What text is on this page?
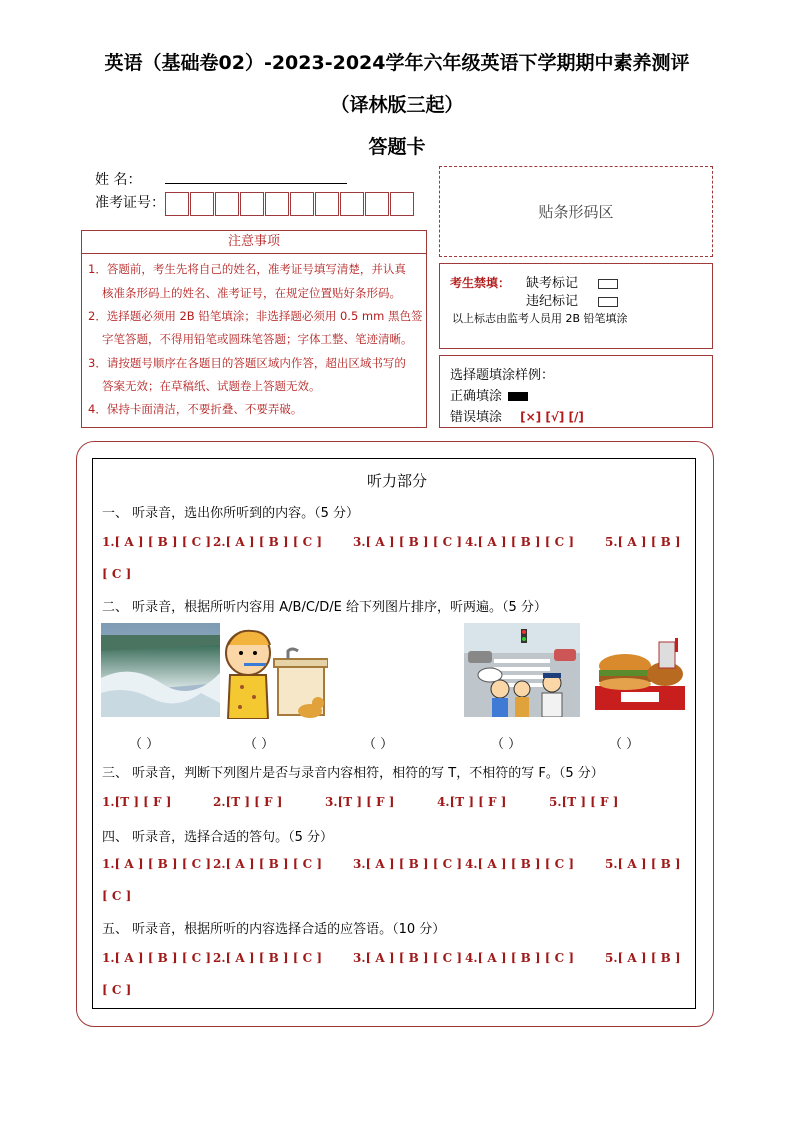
英语（基础卷02）-2023-2024学年六年级英语下学期期中素养测评
（译林版三起）
答题卡
姓 名：
准考证号：	贴条形码区
注意事项
1．答题前，考生先将自己的姓名，准考证号填写清楚，并认真
核准条形码上的姓名、准考证号，在规定位置贴好条形码。
2．选择题必须用 2B 铅笔填涂；非选择题必须用 0.5 mm 黑色签
字笔答题，不得用铅笔或圆珠笔答题；字体工整、笔迹清晰。
3．请按题号顺序在各题目的答题区域内作答，超出区域书写的
答案无效；在草稿纸、试题卷上答题无效。
4．保持卡面清洁，不要折叠、不要弄破。
考生禁填： 缺考标记
违纪标记
以上标志由监考人员用 2B 铅笔填涂
选择题填涂样例：
正确填涂
错误填涂 [×] [√] [/]
听力部分
一、 听录音，选出你所听到的内容。（5 分）
1.[ A ] [ B ] [ C ] 2.[ A ] [ B ] [ C ]	3.[ A ] [ B ] [ C ] 4.[ A ] [ B ] [ C ]	5.[ A ] [ B ]
[ C ]
二、 听录音，根据所听内容用 A/B/C/D/E 给下列图片排序，听两遍。（5 分）
（ ）	（ ）	（ ）	（ ）	（ ）
三、 听录音，判断下列图片是否与录音内容相符，相符的写 T，不相符的写 F。（5 分）
1.[T ] [ F ]	2.[T ] [ F ]	3.[T ] [ F ]	4.[T ] [ F ]	5.[T ] [ F ]
四、 听录音，选择合适的答句。（5 分）
1.[ A ] [ B ] [ C ] 2.[ A ] [ B ] [ C ]	3.[ A ] [ B ] [ C ] 4.[ A ] [ B ] [ C ]	5.[ A ] [ B ]
[ C ]
五、 听录音，根据所听的内容选择合适的应答语。（10 分）
1.[ A ] [ B ] [ C ] 2.[ A ] [ B ] [ C ]	3.[ A ] [ B ] [ C ] 4.[ A ] [ B ] [ C ]	5.[ A ] [ B ]
[ C ]
